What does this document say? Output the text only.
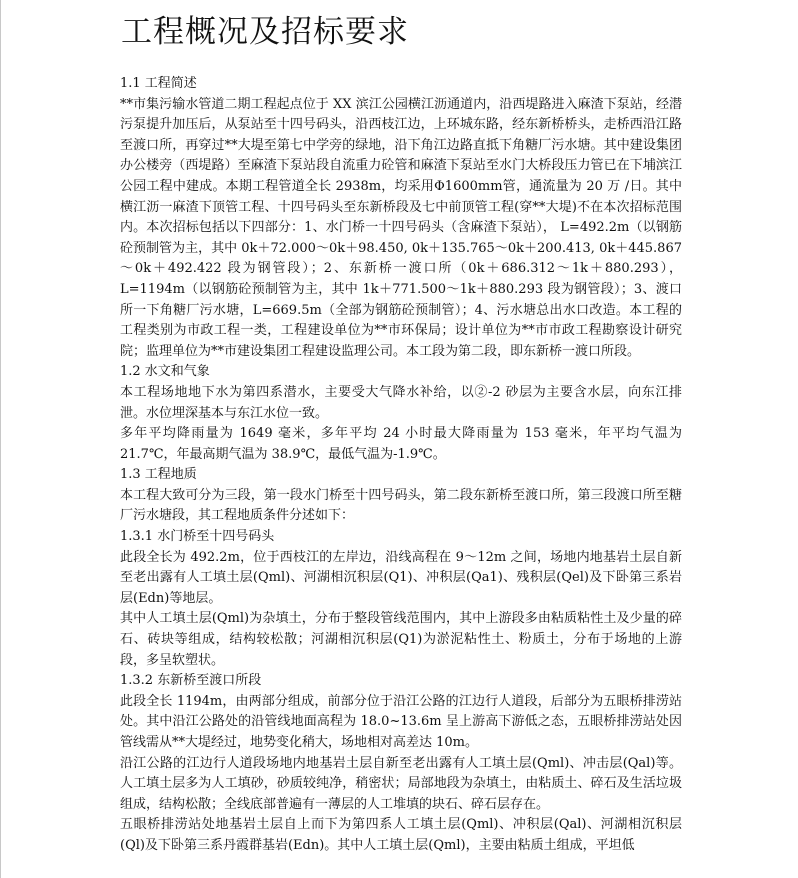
工程概况及招标要求

1.1 工程简述

**市集污输水管道二期工程起点位于 XX 滨江公园横江沥通道内，沿西堤路进入麻渣下泵站，经潜污泵提升加压后，从泵站至十四号码头，沿西枝江边，上环城东路，经东新桥桥头，走桥西沿江路至渡口所，再穿过**大堤至第七中学旁的绿地，沿下角江边路直抵下角糖厂污水塘。其中建设集团办公楼旁（西堤路）至麻渣下泵站段自流重力砼管和麻渣下泵站至水门大桥段压力管已在下埔滨江公园工程中建成。本期工程管道全长 2938m，均采用Φ1600mm管，通流量为 20 万 /日。其中横江沥一麻渣下顶管工程、十四号码头至东新桥段及七中前顶管工程(穿**大堤)不在本次招标范围内。本次招标包括以下四部分：1、水门桥一十四号码头（含麻渣下泵站）， L=492.2m（以钢筋砼预制管为主，其中 0k＋72.000～0k＋98.450, 0k＋135.765～0k＋200.413, 0k＋445.867～0k＋492.422 段为钢管段）；2、东新桥一渡口所（0k＋686.312～1k＋880.293），L=1194m（以钢筋砼预制管为主，其中 1k＋771.500～1k＋880.293 段为钢管段）；3、渡口所一下角糖厂污水塘，L=669.5m（全部为钢筋砼预制管）；4、污水塘总出水口改造。本工程的工程类别为市政工程一类，工程建设单位为**市环保局；设计单位为**市市政工程勘察设计研究院；监理单位为**市建设集团工程建设监理公司。本工段为第二段，即东新桥一渡口所段。

1.2 水文和气象

本工程场地地下水为第四系潜水，主要受大气降水补给，以②-2 砂层为主要含水层，向东江排泄。水位埋深基本与东江水位一致。

多年平均降雨量为 1649 毫米，多年平均 24 小时最大降雨量为 153 毫米，年平均气温为21.7℃，年最高期气温为 38.9℃，最低气温为-1.9℃。

1.3 工程地质

本工程大致可分为三段，第一段水门桥至十四号码头，第二段东新桥至渡口所，第三段渡口所至糖厂污水塘段，其工程地质条件分述如下：

1.3.1 水门桥至十四号码头

此段全长为 492.2m，位于西枝江的左岸边，沿线高程在 9～12m 之间，场地内地基岩土层自新至老出露有人工填土层(Qml)、河湖相沉积层(Q1)、冲积层(Qa1)、残积层(Qel)及下卧第三系岩层(Edn)等地层。

其中人工填土层(Qml)为杂填土，分布于整段管线范围内，其中上游段多由粘质粘性土及少量的碎石、砖块等组成，结构较松散；河湖相沉积层(Q1)为淤泥粘性土、粉质土，分布于场地的上游段，多呈软塑状。

1.3.2 东新桥至渡口所段

此段全长 1194m，由两部分组成，前部分位于沿江公路的江边行人道段，后部分为五眼桥排涝站处。其中沿江公路处的沿管线地面高程为 18.0~13.6m 呈上游高下游低之态，五眼桥排涝站处因管线需从**大堤经过，地势变化稍大，场地相对高差达 10m。

沿江公路的江边行人道段场地内地基岩土层自新至老出露有人工填土层(Qml)、冲击层(Qal)等。人工填土层多为人工填砂，砂质较纯净，稍密状；局部地段为杂填土，由粘质土、碎石及生活垃圾组成，结构松散；全线底部普遍有一薄层的人工堆填的块石、碎石层存在。

五眼桥排涝站处地基岩土层自上而下为第四系人工填土层(Qml)、冲积层(Qal)、河湖相沉积层(Ql)及下卧第三系丹霞群基岩(Edn)。其中人工填土层(Qml)，主要由粘质土组成，平坦低
